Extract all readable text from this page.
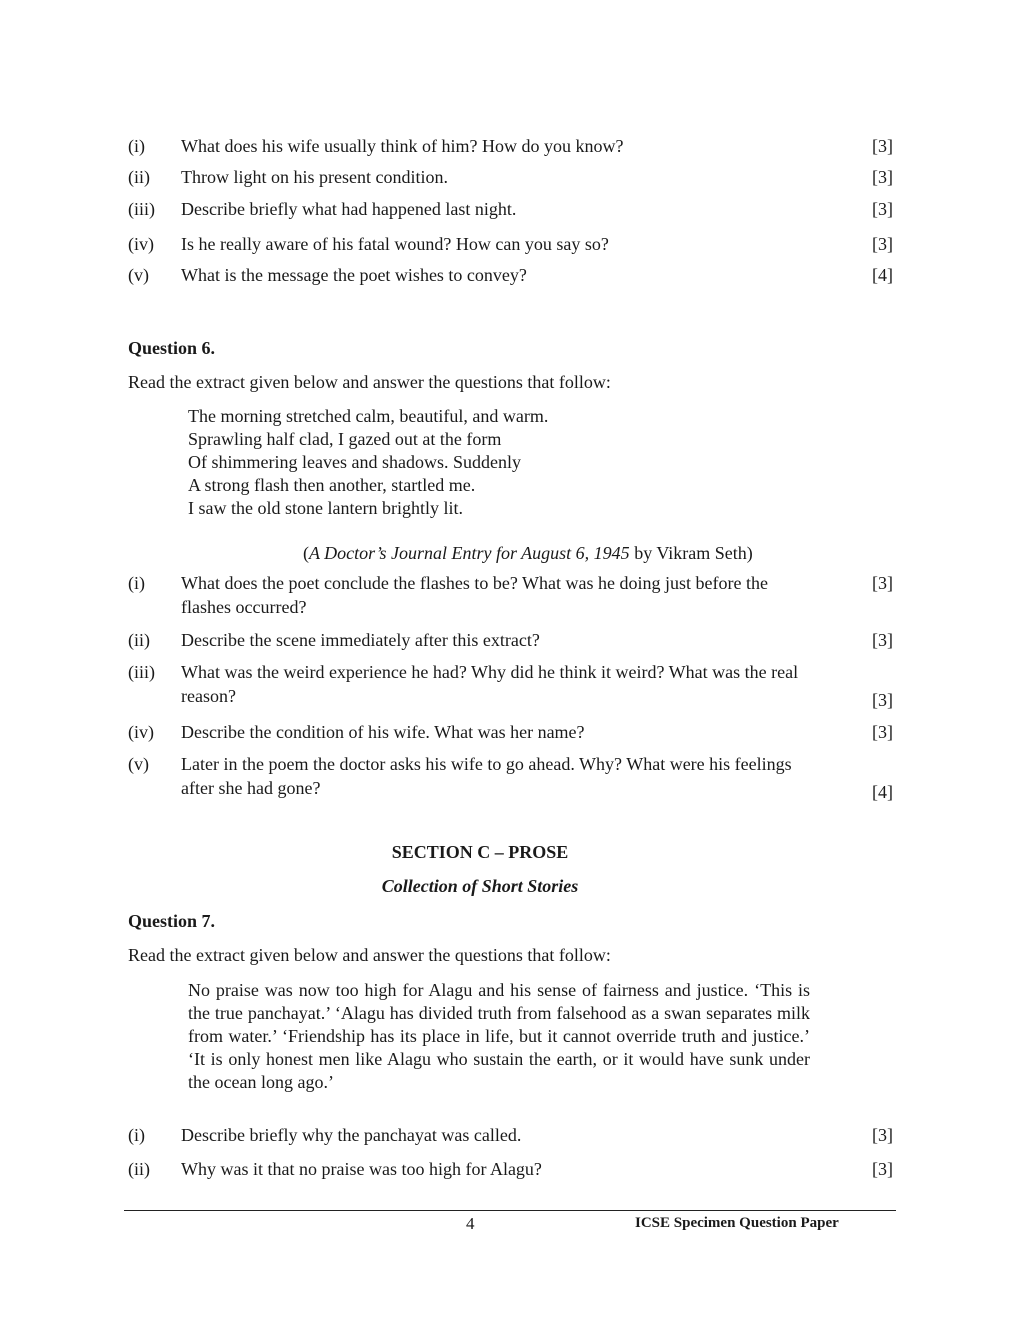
(i) What does his wife usually think of him? How do you know?	[3]
(ii) Throw light on his present condition.	[3]
(iii) Describe briefly what had happened last night.	[3]
(iv) Is he really aware of his fatal wound? How can you say so?	[3]
(v) What is the message the poet wishes to convey?	[4]
Question 6.
Read the extract given below and answer the questions that follow:
The morning stretched calm, beautiful, and warm.
Sprawling half clad, I gazed out at the form
Of shimmering leaves and shadows. Suddenly
A strong flash then another, startled me.
I saw the old stone lantern brightly lit.
(A Doctor’s Journal Entry for August 6, 1945 by Vikram Seth)
(i) What does the poet conclude the flashes to be? What was he doing just before the flashes occurred?
[3]
(ii) Describe the scene immediately after this extract?	[3]
(iii) What was the weird experience he had? Why did he think it weird? What was the real reason?	[3]
(iv) Describe the condition of his wife. What was her name?	[3]
(v) Later in the poem the doctor asks his wife to go ahead. Why? What were his feelings after she had gone?	[4]
SECTION C – PROSE
Collection of Short Stories
Question 7.
Read the extract given below and answer the questions that follow:
No praise was now too high for Alagu and his sense of fairness and justice. ‘This is the true panchayat.’ ‘Alagu has divided truth from falsehood as a swan separates milk from water.’ ‘Friendship has its place in life, but it cannot override truth and justice.’ ‘It is only honest men like Alagu who sustain the earth, or it would have sunk under the ocean long ago.’
(i) Describe briefly why the panchayat was called.	[3]
(ii) Why was it that no praise was too high for Alagu?	[3]
4	ICSE Specimen Question Paper
